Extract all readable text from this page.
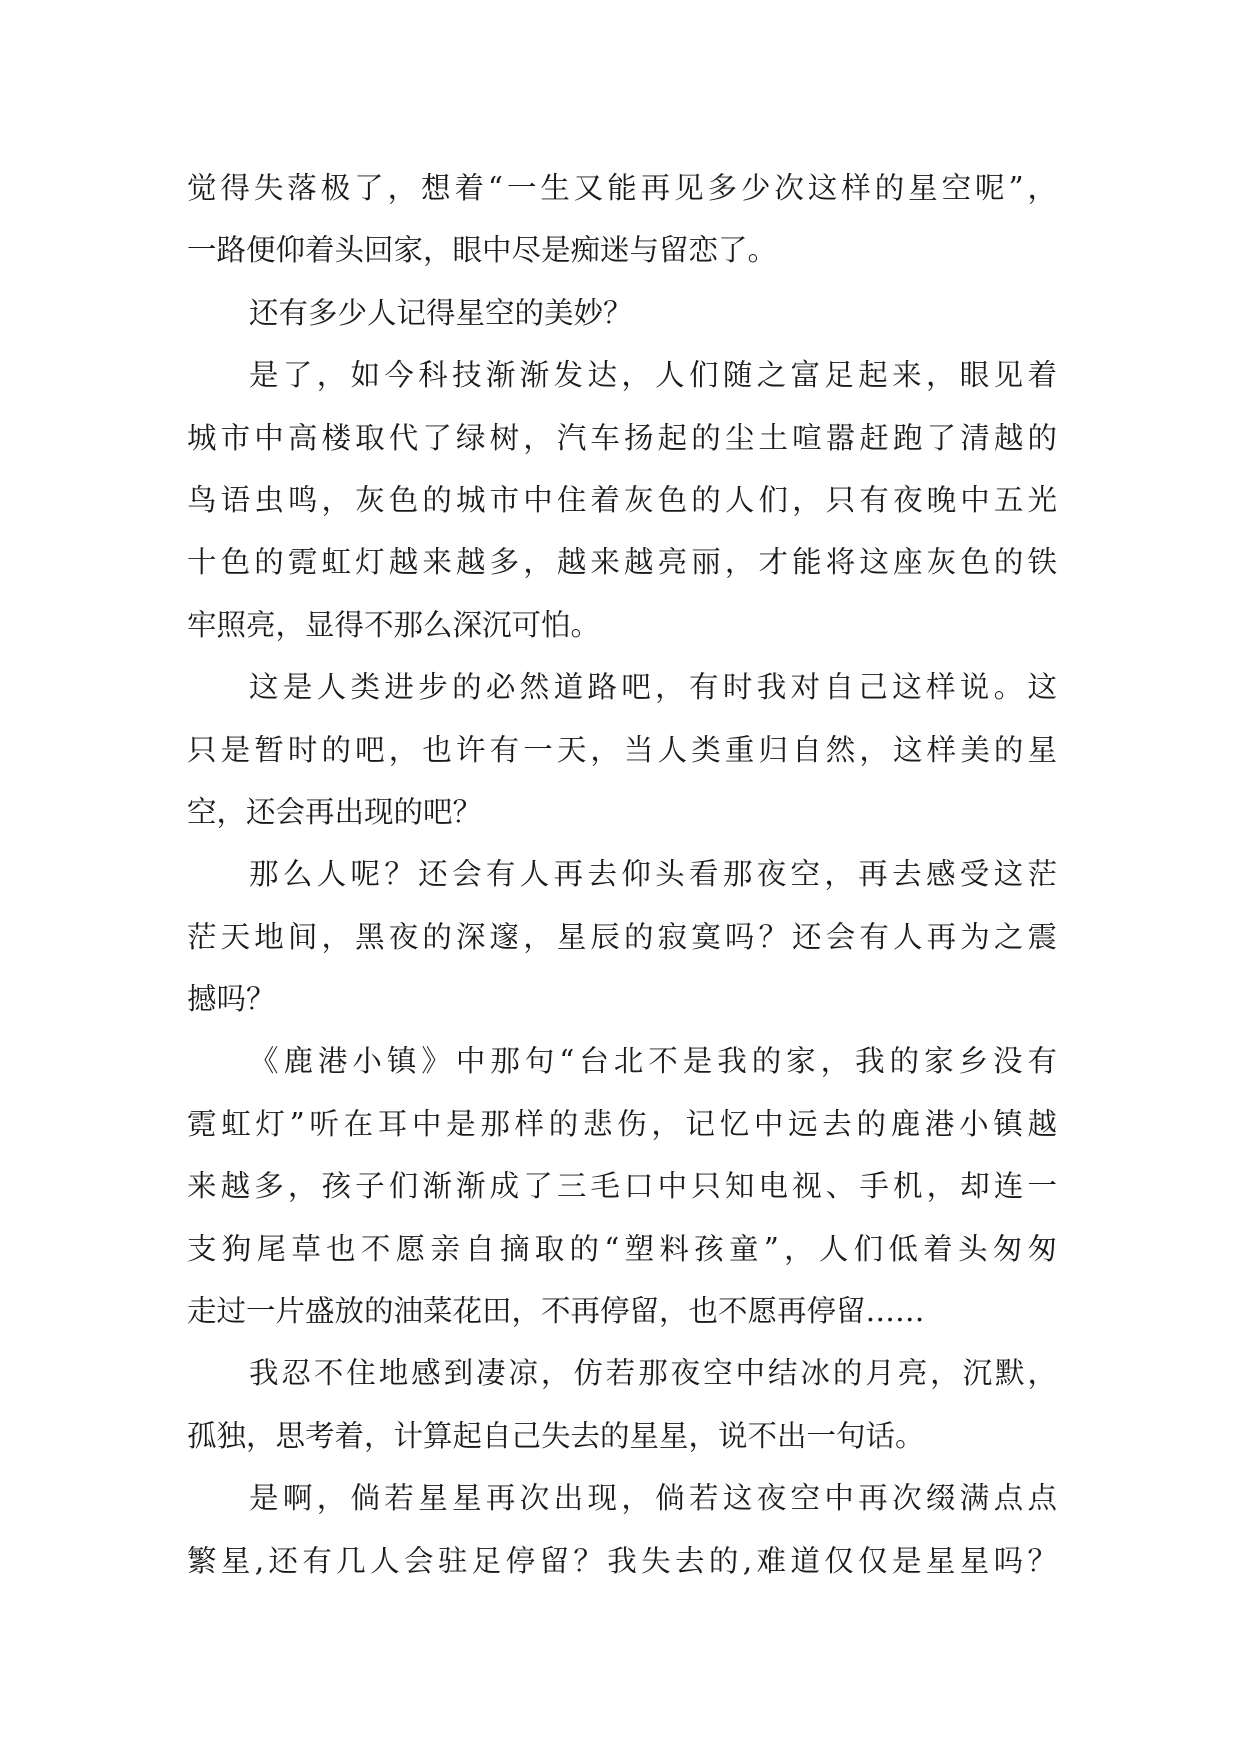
觉得失落极了，想着“一生又能再见多少次这样的星空呢”，
一路便仰着头回家，眼中尽是痴迷与留恋了。
还有多少人记得星空的美妙？
是了，如今科技渐渐发达，人们随之富足起来，眼见着
城市中高楼取代了绿树，汽车扬起的尘土喧嚣赶跑了清越的
鸟语虫鸣，灰色的城市中住着灰色的人们，只有夜晚中五光
十色的霓虹灯越来越多，越来越亮丽，才能将这座灰色的铁
牢照亮，显得不那么深沉可怕。
这是人类进步的必然道路吧，有时我对自己这样说。这
只是暂时的吧，也许有一天，当人类重归自然，这样美的星
空，还会再出现的吧？
那么人呢？还会有人再去仰头看那夜空，再去感受这茫
茫天地间，黑夜的深邃，星辰的寂寞吗？还会有人再为之震
撼吗？
《鹿港小镇》中那句“台北不是我的家，我的家乡没有
霓虹灯”听在耳中是那样的悲伤，记忆中远去的鹿港小镇越
来越多，孩子们渐渐成了三毛口中只知电视、手机，却连一
支狗尾草也不愿亲自摘取的“塑料孩童”，人们低着头匆匆
走过一片盛放的油菜花田，不再停留，也不愿再停留……
我忍不住地感到凄凉，仿若那夜空中结冰的月亮，沉默，
孤独，思考着，计算起自己失去的星星，说不出一句话。
是啊，倘若星星再次出现，倘若这夜空中再次缀满点点
繁星,还有几人会驻足停留？我失去的,难道仅仅是星星吗？
